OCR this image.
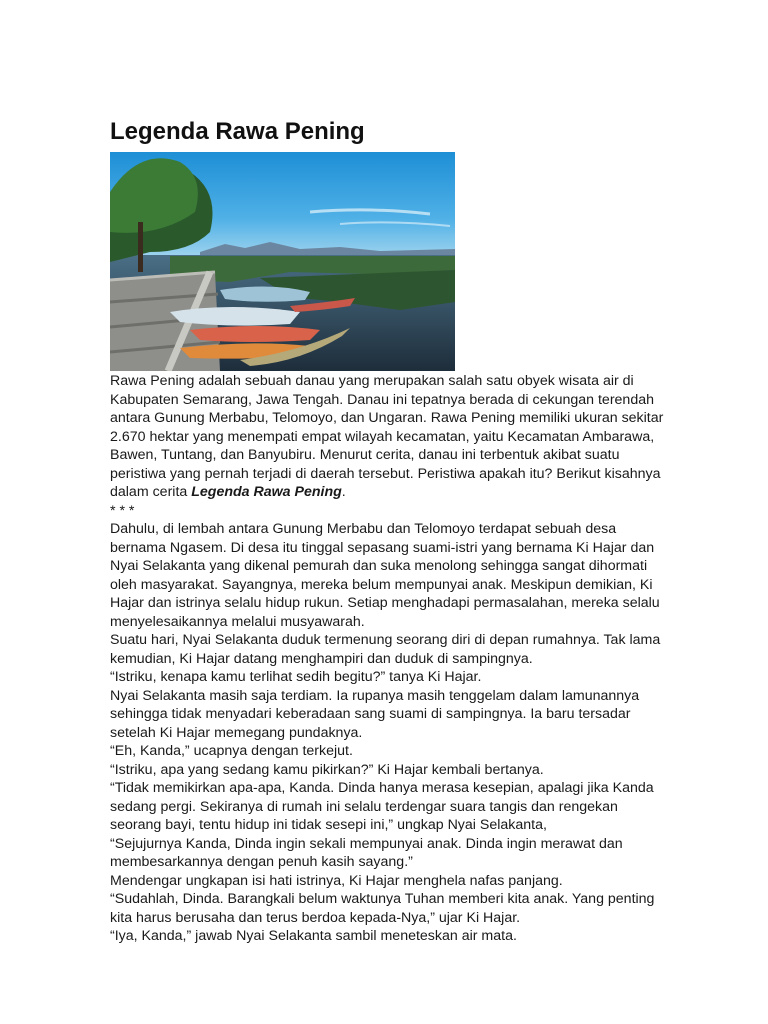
Legenda Rawa Pening

Rawa Pening adalah sebuah danau yang merupakan salah satu obyek wisata air di Kabupaten Semarang, Jawa Tengah. Danau ini tepatnya berada di cekungan terendah antara Gunung Merbabu, Telomoyo, dan Ungaran. Rawa Pening memiliki ukuran sekitar 2.670 hektar yang menempati empat wilayah kecamatan, yaitu Kecamatan Ambarawa, Bawen, Tuntang, dan Banyubiru. Menurut cerita, danau ini terbentuk akibat suatu peristiwa yang pernah terjadi di daerah tersebut. Peristiwa apakah itu? Berikut kisahnya dalam cerita Legenda Rawa Pening.

* * *

Dahulu, di lembah antara Gunung Merbabu dan Telomoyo terdapat sebuah desa bernama Ngasem. Di desa itu tinggal sepasang suami-istri yang bernama Ki Hajar dan Nyai Selakanta yang dikenal pemurah dan suka menolong sehingga sangat dihormati oleh masyarakat. Sayangnya, mereka belum mempunyai anak. Meskipun demikian, Ki Hajar dan istrinya selalu hidup rukun. Setiap menghadapi permasalahan, mereka selalu menyelesaikannya melalui musyawarah.

Suatu hari, Nyai Selakanta duduk termenung seorang diri di depan rumahnya. Tak lama kemudian, Ki Hajar datang menghampiri dan duduk di sampingnya.

“Istriku, kenapa kamu terlihat sedih begitu?” tanya Ki Hajar.

Nyai Selakanta masih saja terdiam. Ia rupanya masih tenggelam dalam lamunannya sehingga tidak menyadari keberadaan sang suami di sampingnya. Ia baru tersadar setelah Ki Hajar memegang pundaknya.

“Eh, Kanda,” ucapnya dengan terkejut.

“Istriku, apa yang sedang kamu pikirkan?” Ki Hajar kembali bertanya.

“Tidak memikirkan apa-apa, Kanda. Dinda hanya merasa kesepian, apalagi jika Kanda sedang pergi. Sekiranya di rumah ini selalu terdengar suara tangis dan rengekan seorang bayi, tentu hidup ini tidak sesepi ini,” ungkap Nyai Selakanta,

“Sejujurnya Kanda, Dinda ingin sekali mempunyai anak. Dinda ingin merawat dan membesarkannya dengan penuh kasih sayang.”

Mendengar ungkapan isi hati istrinya, Ki Hajar menghela nafas panjang.

“Sudahlah, Dinda. Barangkali belum waktunya Tuhan memberi kita anak. Yang penting kita harus berusaha dan terus berdoa kepada-Nya,” ujar Ki Hajar.

“Iya, Kanda,” jawab Nyai Selakanta sambil meneteskan air mata.
